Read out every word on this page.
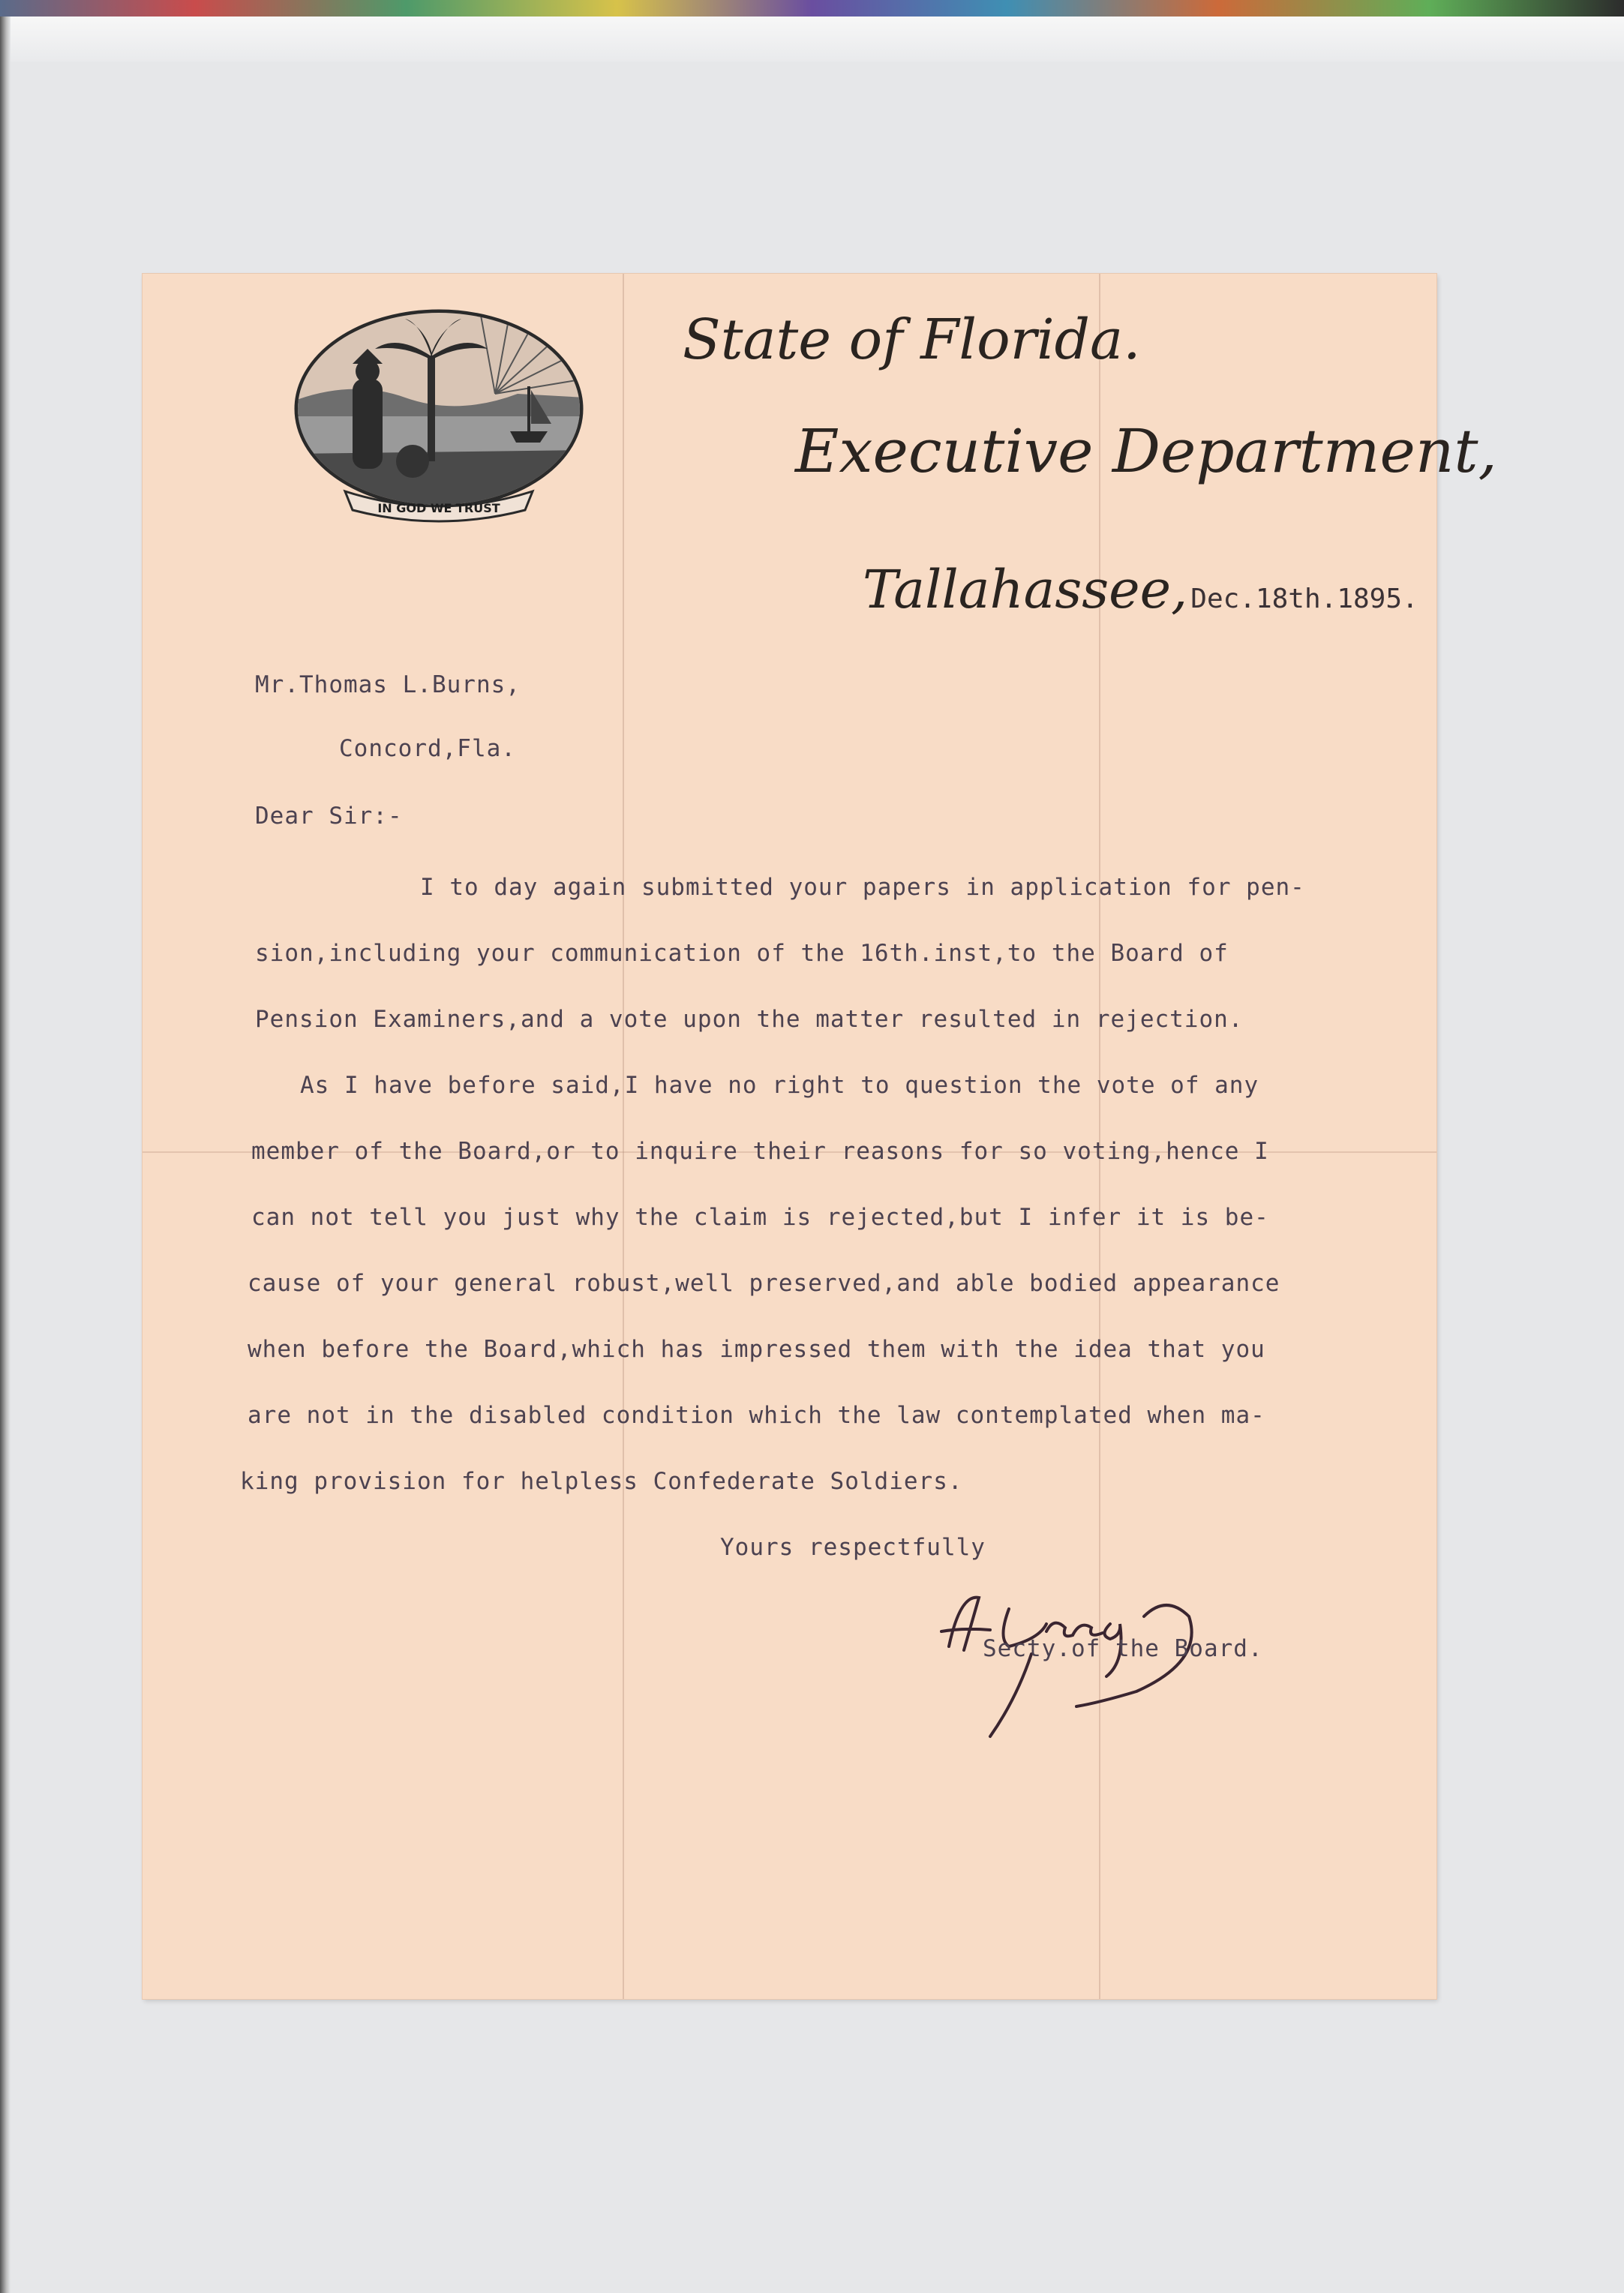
IN GOD WE TRUST
State of Florida.
Executive Department,
Tallahassee, Dec.18th.1895.
Mr.Thomas L.Burns,
Concord,Fla.
Dear Sir:-
I to day again submitted your papers in application for pen-
sion,including your communication of the 16th.inst,to the Board of
Pension Examiners,and a vote upon the matter resulted in rejection.
As I have before said,I have no right to question the vote of any
member of the Board,or to inquire their reasons for so voting,hence I
can not tell you just why the claim is rejected,but I infer it is be-
cause of your general robust,well preserved,and able bodied appearance
when before the Board,which has impressed them with the idea that you
are not in the disabled condition which the law contemplated when ma-
king provision for helpless Confederate Soldiers.
Yours respectfully
A.Lang.
Secty.of the Board.
